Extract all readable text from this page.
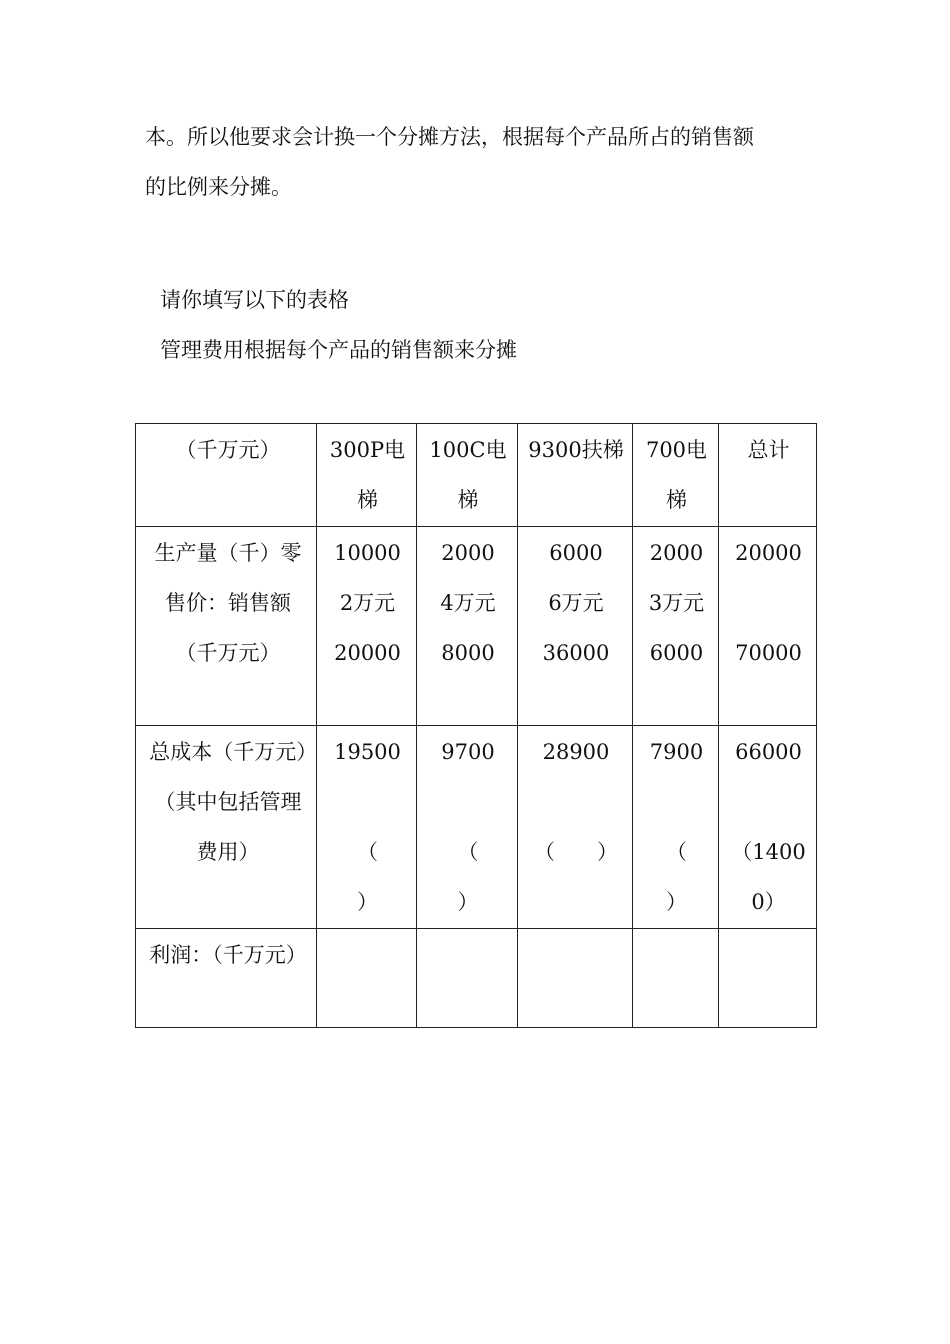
本。所以他要求会计换一个分摊方法，根据每个产品所占的销售额
的比例来分摊。

请你填写以下的表格
管理费用根据每个产品的销售额来分摊
（千万元）	300P电梯	100C电梯	9300扶梯	700电梯	总计
生产量（千）零售价：销售额（千万元）	10000
2万元
20000	2000
4万元
8000	6000
6万元
36000	2000
3万元
6000	20000
70000

总成本（千万元）（其中包括管理费用）	19500
（
）	9700
（
）	28900
（　　）	7900
（
）	66000
（14000）

利润：（千万元）					
